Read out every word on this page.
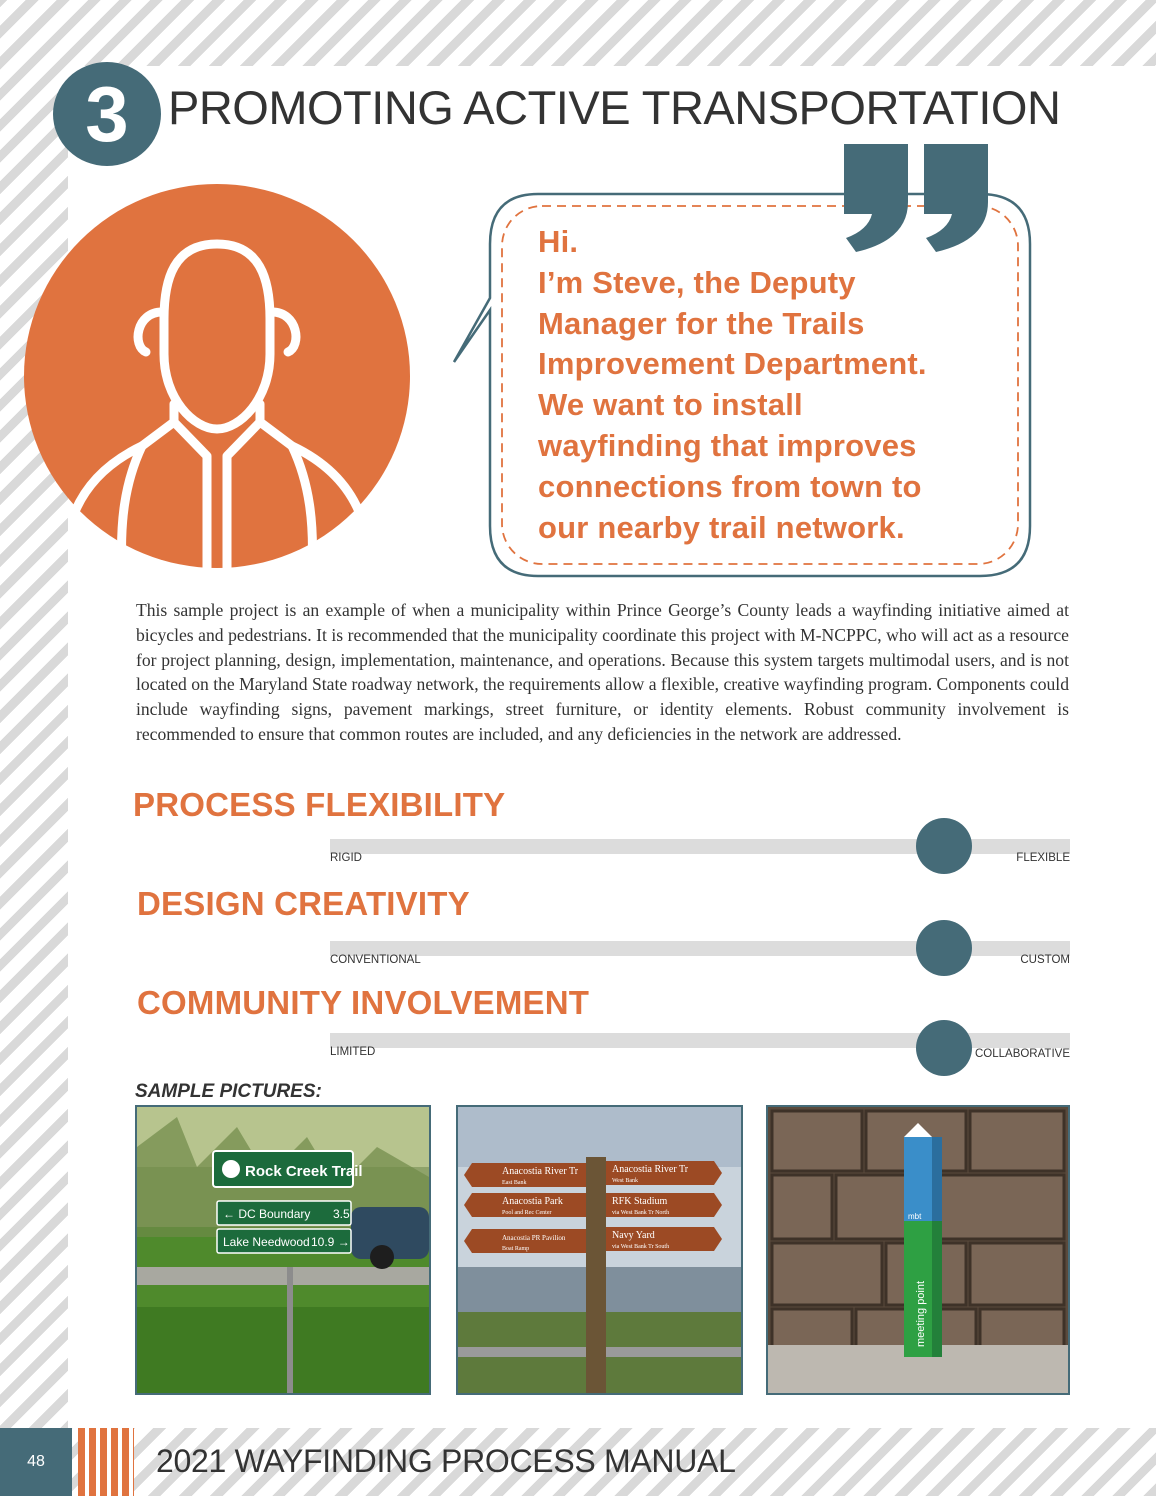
3 PROMOTING ACTIVE TRANSPORTATION
Hi.
I’m Steve, the Deputy
Manager for the Trails
Improvement Department.
We want to install
wayfinding that improves
connections from town to
our nearby trail network.

This sample project is an example of when a municipality within Prince George’s County leads a wayfinding initiative aimed at bicycles and pedestrians. It is recommended that the municipality coordinate this project with M-NCPPC, who will act as a resource for project planning, design, implementation, maintenance, and operations. Because this system targets multimodal users, and is not located on the Maryland State roadway network, the requirements allow a flexible, creative wayfinding program. Components could include wayfinding signs, pavement markings, street furniture, or identity elements. Robust community involvement is recommended to ensure that common routes are included, and any deficiencies in the network are addressed.

PROCESS FLEXIBILITY
RIGID	FLEXIBLE
DESIGN CREATIVITY
CONVENTIONAL	CUSTOM
COMMUNITY INVOLVEMENT
LIMITED	COLLABORATIVE
SAMPLE PICTURES:
Rock Creek Trail
← DC Boundary 3.5
Lake Needwood 10.9 →
Anacostia River Tr
East Bank
Anacostia Park
Pool and Rec Center
Anacostia PR Pavilion
Boat Ramp
Anacostia River Tr
West Bank
RFK Stadium
via West Bank Tr North
Navy Yard
via West Bank Tr South
mbt
meeting point
48	2021 WAYFINDING PROCESS MANUAL
